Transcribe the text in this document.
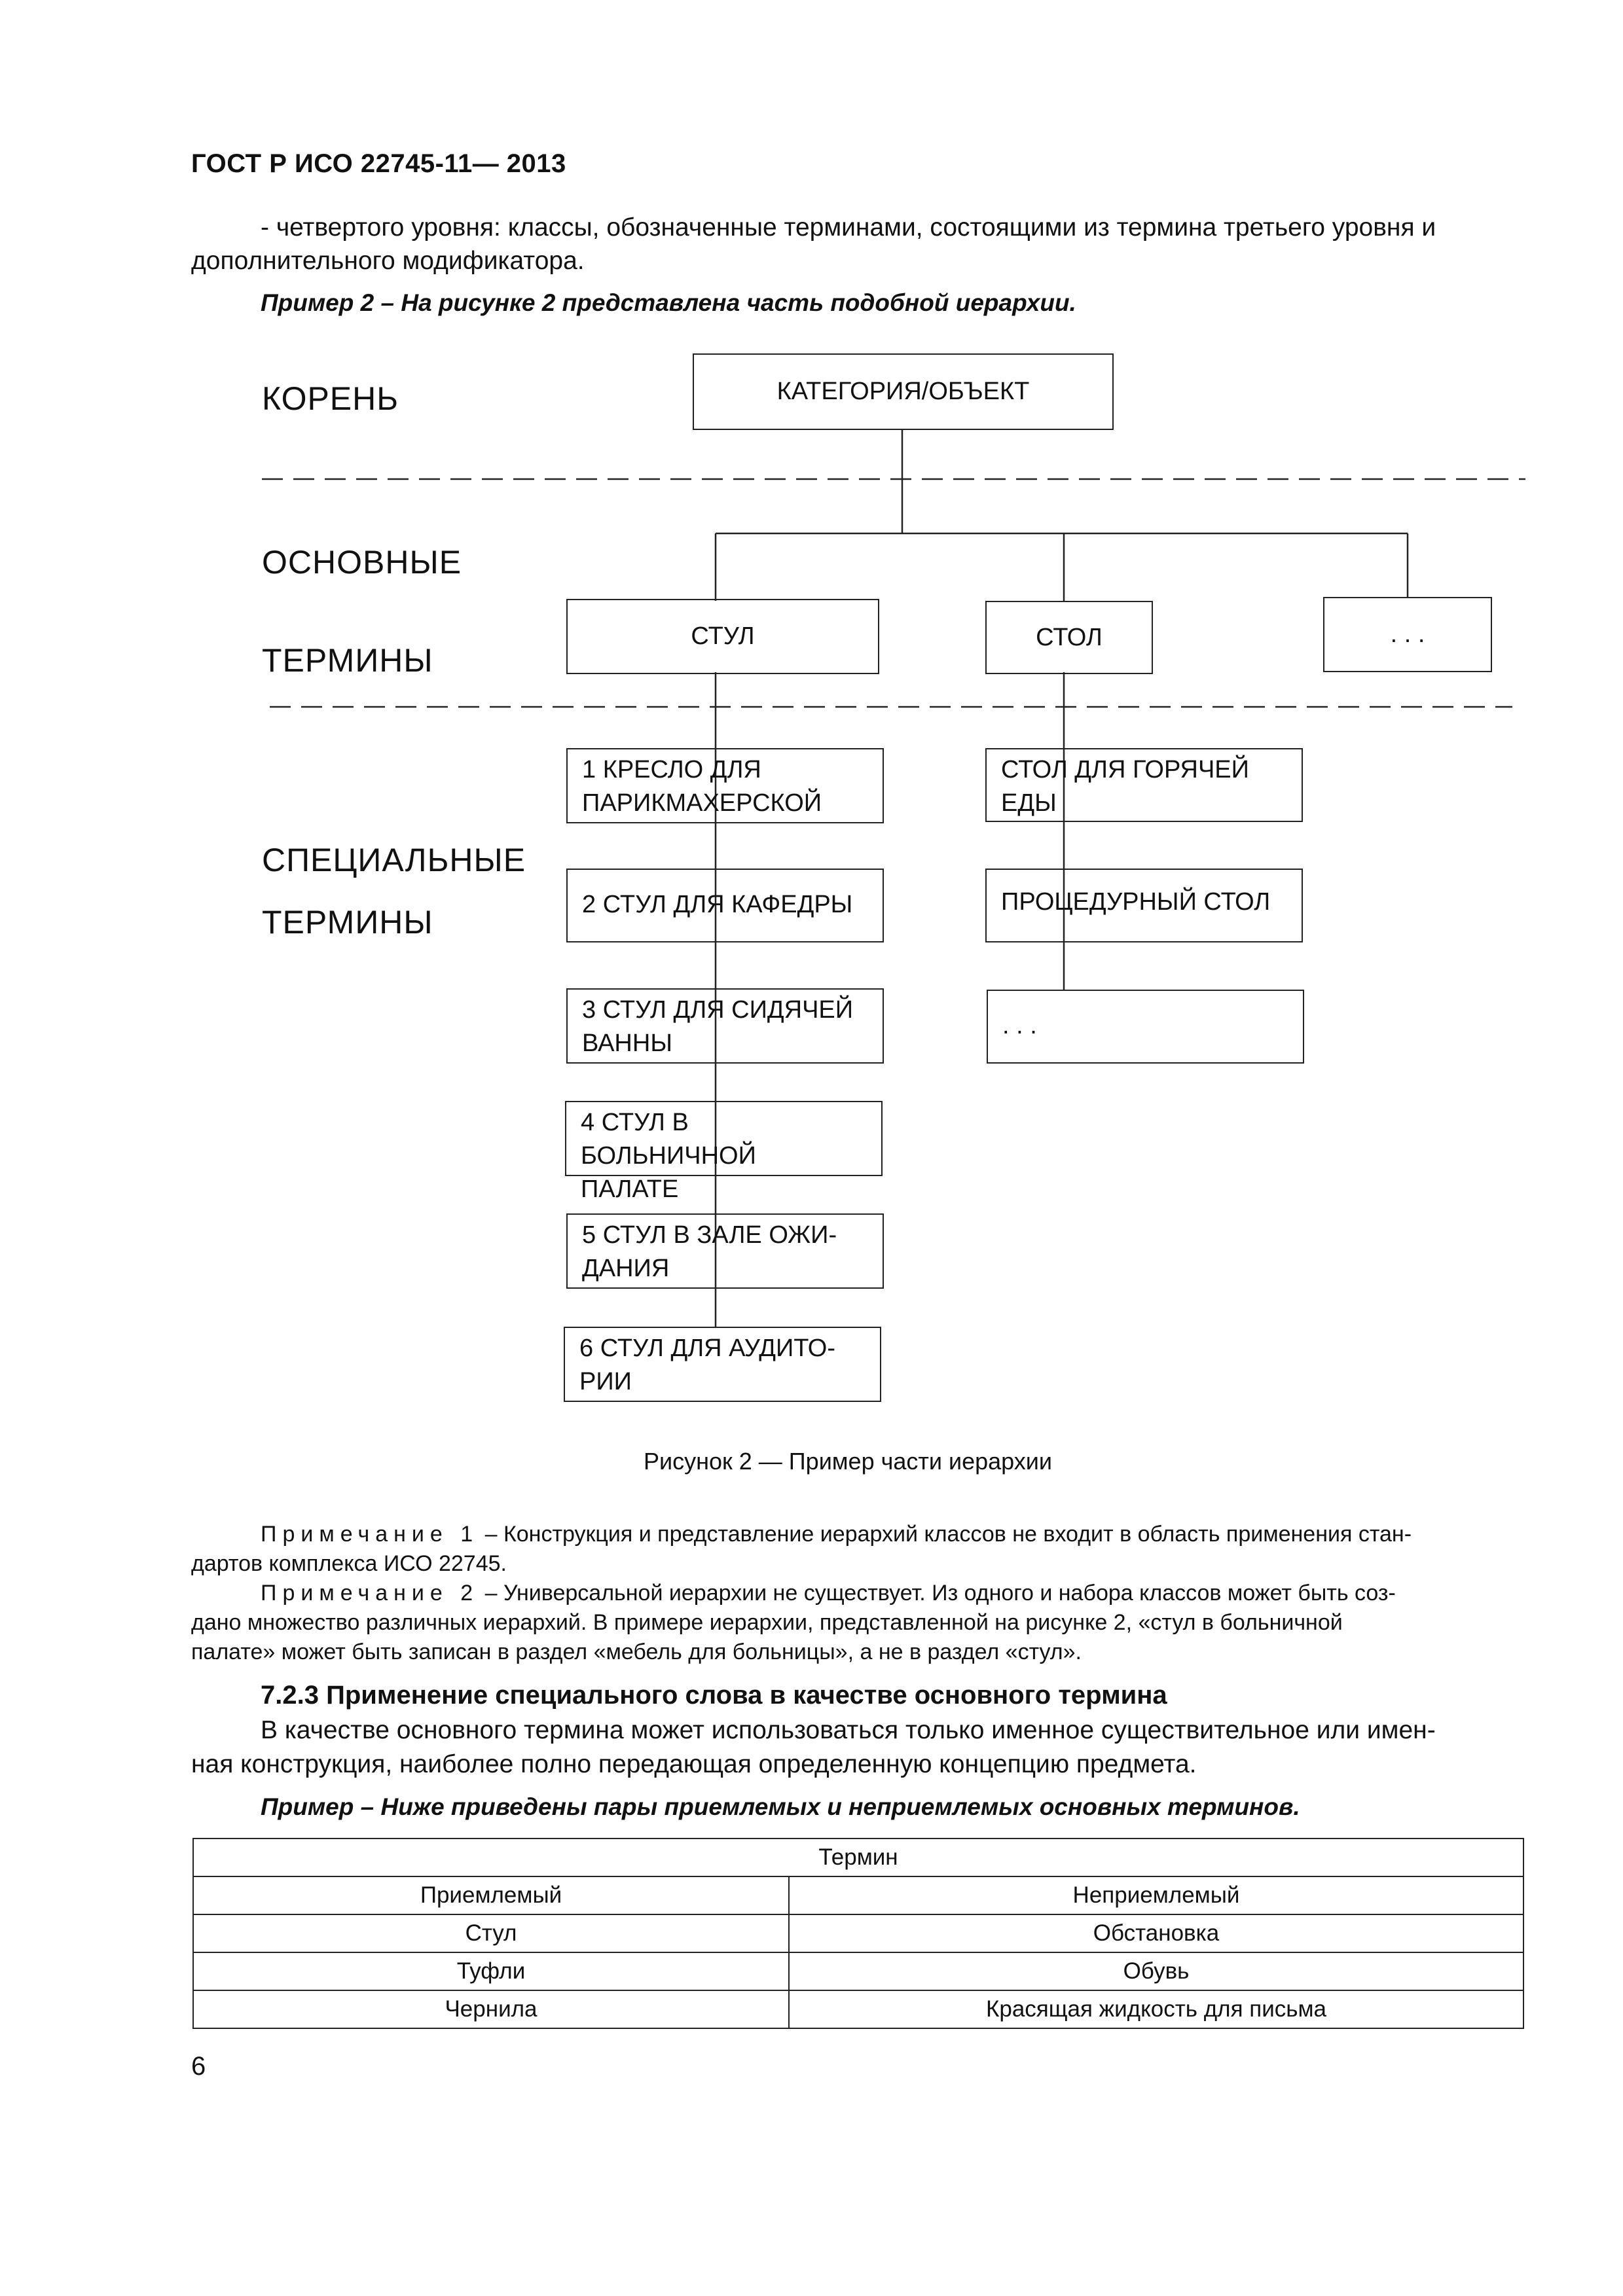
ГОСТ Р ИСО 22745-11— 2013
- четвертого уровня: классы, обозначенные терминами, состоящими из термина третьего уровня и
дополнительного модификатора.
Пример 2 – На рисунке 2 представлена часть подобной иерархии.
КОРЕНЬ
ОСНОВНЫЕ
ТЕРМИНЫ
СПЕЦИАЛЬНЫЕ
ТЕРМИНЫ
КАТЕГОРИЯ/ОБЪЕКТ
СТУЛ	СТОЛ	. . .
1 КРЕСЛО ДЛЯ
ПАРИКМАХЕРСКОЙ
2 СТУЛ ДЛЯ КАФЕДРЫ
3 СТУЛ ДЛЯ СИДЯЧЕЙ
ВАННЫ
4 СТУЛ В БОЛЬНИЧНОЙ
ПАЛАТЕ
5 СТУЛ В ЗАЛЕ ОЖИ-
ДАНИЯ
6 СТУЛ ДЛЯ АУДИТО-
РИИ
СТОЛ ДЛЯ ГОРЯЧЕЙ
ЕДЫ
ПРОЦЕДУРНЫЙ СТОЛ
. . .
Рисунок 2 — Пример части иерархии
Примечание 1 – Конструкция и представление иерархий классов не входит в область применения стан-
дартов комплекса ИСО 22745.
Примечание 2 – Универсальной иерархии не существует. Из одного и набора классов может быть соз-
дано множество различных иерархий. В примере иерархии, представленной на рисунке 2, «стул в больничной
палате» может быть записан в раздел «мебель для больницы», а не в раздел «стул».
7.2.3 Применение специального слова в качестве основного термина
В качестве основного термина может использоваться только именное существительное или имен-
ная конструкция, наиболее полно передающая определенную концепцию предмета.
Пример – Ниже приведены пары приемлемых и неприемлемых основных терминов.
Термин	
Приемлемый	Неприемлемый
Стул	Обстановка
Туфли	Обувь
Чернила	Красящая жидкость для письма
6
